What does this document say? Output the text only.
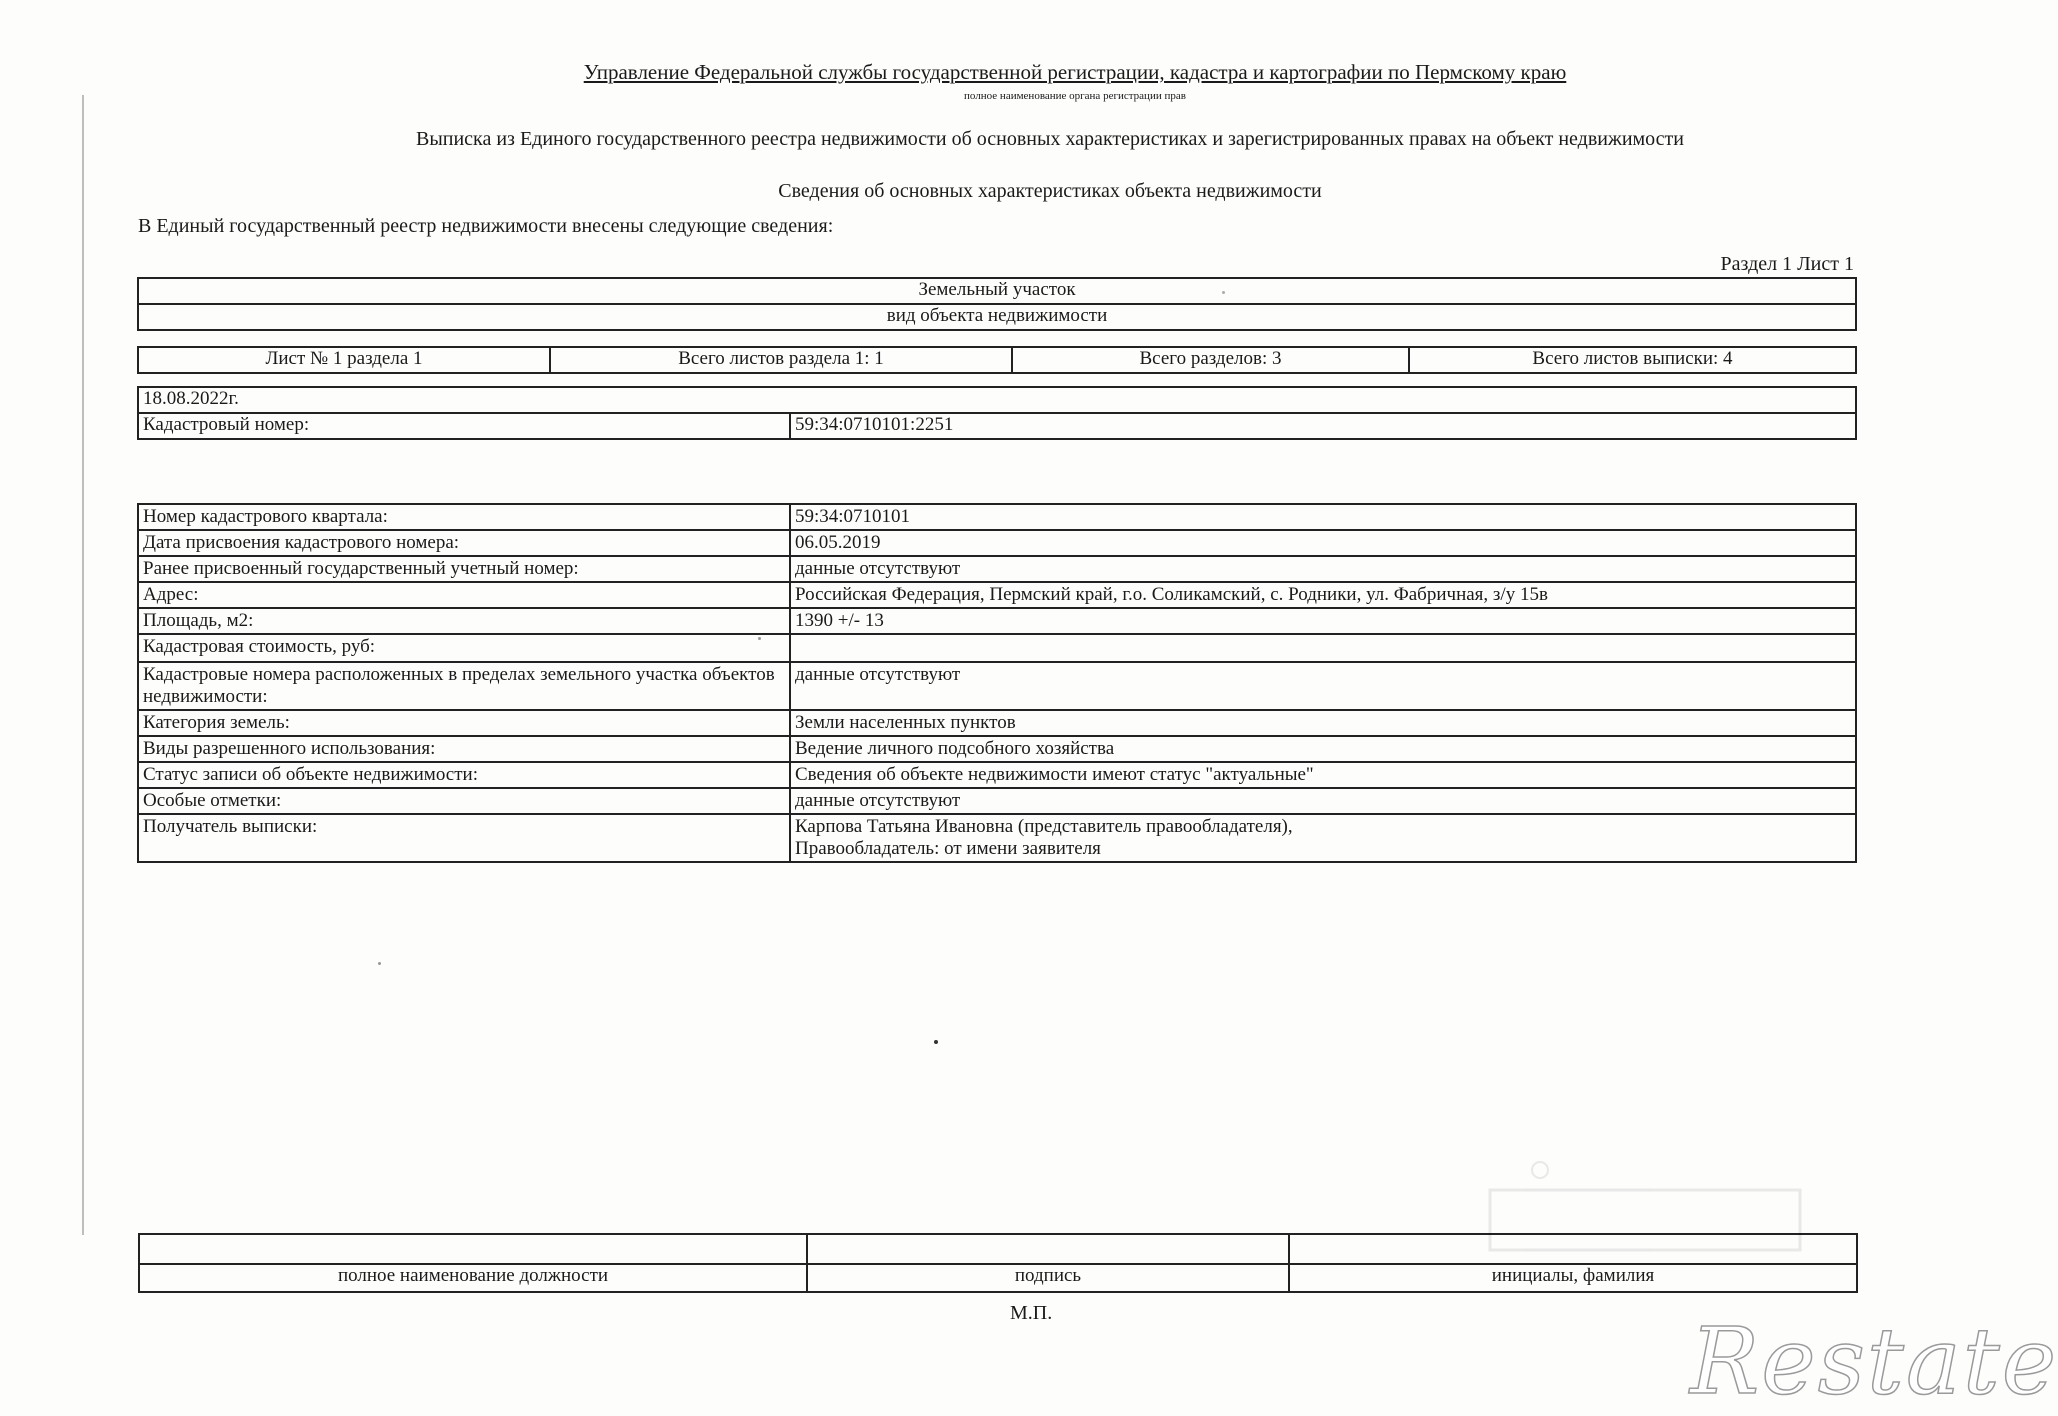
Управление Федеральной службы государственной регистрации, кадастра и картографии по Пермскому краю
полное наименование органа регистрации прав
Выписка из Единого государственного реестра недвижимости об основных характеристиках и зарегистрированных правах на объект недвижимости
Сведения об основных характеристиках объекта недвижимости
В Единый государственный реестр недвижимости внесены следующие сведения:
Раздел 1 Лист 1
Земельный участок
вид объекта недвижимости
Лист № 1 раздела 1	Всего листов раздела 1: 1	Всего разделов: 3	Всего листов выписки: 4
18.08.2022г.
Кадастровый номер:	59:34:0710101:2251
Номер кадастрового квартала:	59:34:0710101
Дата присвоения кадастрового номера:	06.05.2019
Ранее присвоенный государственный учетный номер:	данные отсутствуют
Адрес:	Российская Федерация, Пермский край, г.о. Соликамский, с. Родники, ул. Фабричная, з/у 15в
Площадь, м2:	1390 +/- 13
Кадастровая стоимость, руб:	
Кадастровые номера расположенных в пределах земельного участка объектов недвижимости:	данные отсутствуют
Категория земель:	Земли населенных пунктов
Виды разрешенного использования:	Ведение личного подсобного хозяйства
Статус записи об объекте недвижимости:	Сведения об объекте недвижимости имеют статус "актуальные"
Особые отметки:	данные отсутствуют
Получатель выписки:	Карпова Татьяна Ивановна (представитель правообладателя),
Правообладатель: от имени заявителя

полное наименование должности	подпись	инициалы, фамилия
М.П.	Restate
